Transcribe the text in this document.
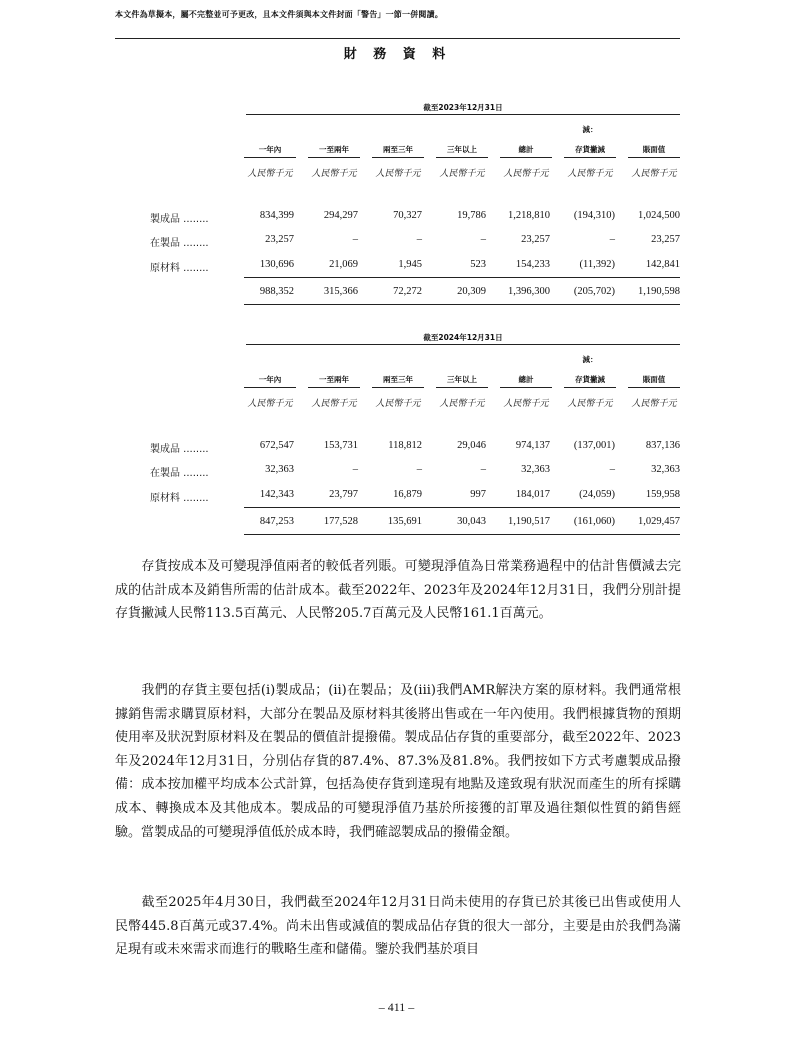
本文件為草擬本，屬不完整並可予更改，且本文件須與本文件封面「警告」一節一併閱讀。
財 務 資 料
截至2023年12月31日
減：
一年內	一至兩年	兩至三年	三年以上	總計	存貨撇減	賬面值
人民幣千元	人民幣千元	人民幣千元	人民幣千元	人民幣千元	人民幣千元	人民幣千元
製成品 ........	834,399	294,297	70,327	19,786	1,218,810	(194,310)	1,024,500
在製品 ........	23,257	–	–	–	23,257	–	23,257
原材料 ........	130,696	21,069	1,945	523	154,233	(11,392)	142,841
988,352	315,366	72,272	20,309	1,396,300	(205,702)	1,190,598
截至2024年12月31日
減：
一年內	一至兩年	兩至三年	三年以上	總計	存貨撇減	賬面值
人民幣千元	人民幣千元	人民幣千元	人民幣千元	人民幣千元	人民幣千元	人民幣千元
製成品 ........	672,547	153,731	118,812	29,046	974,137	(137,001)	837,136
在製品 ........	32,363	–	–	–	32,363	–	32,363
原材料 ........	142,343	23,797	16,879	997	184,017	(24,059)	159,958
847,253	177,528	135,691	30,043	1,190,517	(161,060)	1,029,457

　　存貨按成本及可變現淨值兩者的較低者列賬。可變現淨值為日常業務過程中的估計售價減去完成的估計成本及銷售所需的估計成本。截至2022年、2023年及2024年12月31日，我們分別計提存貨撇減人民幣113.5百萬元、人民幣205.7百萬元及人民幣161.1百萬元。

　　我們的存貨主要包括(i)製成品；(ii)在製品；及(iii)我們AMR解決方案的原材料。我們通常根據銷售需求購買原材料，大部分在製品及原材料其後將出售或在一年內使用。我們根據貨物的預期使用率及狀況對原材料及在製品的價值計提撥備。製成品佔存貨的重要部分，截至2022年、2023年及2024年12月31日，分別佔存貨的87.4%、87.3%及81.8%。我們按如下方式考慮製成品撥備：成本按加權平均成本公式計算，包括為使存貨到達現有地點及達致現有狀況而產生的所有採購成本、轉換成本及其他成本。製成品的可變現淨值乃基於所接獲的訂單及過往類似性質的銷售經驗。當製成品的可變現淨值低於成本時，我們確認製成品的撥備金額。

　　截至2025年4月30日，我們截至2024年12月31日尚未使用的存貨已於其後已出售或使用人民幣445.8百萬元或37.4%。尚未出售或減值的製成品佔存貨的很大一部分，主要是由於我們為滿足現有或未來需求而進行的戰略生產和儲備。鑒於我們基於項目

– 411 –
